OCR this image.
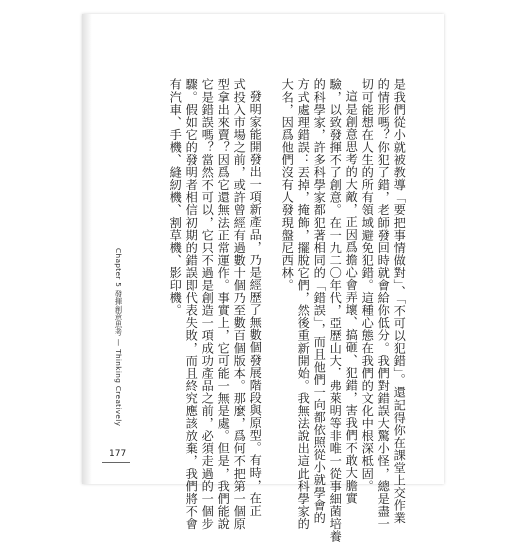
是我們從小就被教導「要把事情做對」、「不可以犯錯」。還記得你在課堂上交作業
的情形嗎？你犯了錯，老師發回時就會給你低分。我們對錯誤大驚小怪，總是盡一
切可能想在人生的所有領域避免犯錯。這種心態在我們的文化中根深柢固。
這是創意思考的大敵，正因爲擔心會弄壞、搞砸、犯錯，害我們不敢大膽實
驗，以致發揮不了創意。在一九二〇年代，亞歷山大．弗萊明等非唯一從事細菌培養
的科學家，許多科學家都犯著相同的「錯誤」，而且他們一向都依照從小就學會的
方式處理錯誤：丟掉，掩飾，擺脫它們，然後重新開始。我無法說出這此科學家的
大名，因爲他們沒有人發現盤尼西林。
發明家能開發出一項新產品，乃是經歷了無數個發展階段與原型。有時，在正
式投入市場之前，或許曾經有過數十個乃至數百個版本。那麼，爲何不把第一個原
型拿出來賣？因爲它還無法正常運作。事實上，它可能一無是處。但是，我們能說
它是錯誤嗎？當然不可以，它只不過是創造一項成功產品之前，必須走過的一個步
驟。假如它的發明者相信初期的錯誤即代表失敗，而且終究應該放棄，我們將不會
有汽車、手機、縫紉機、割草機、影印機。
Chapter 5 發揮創意思考 — Thinking Creatively
177
